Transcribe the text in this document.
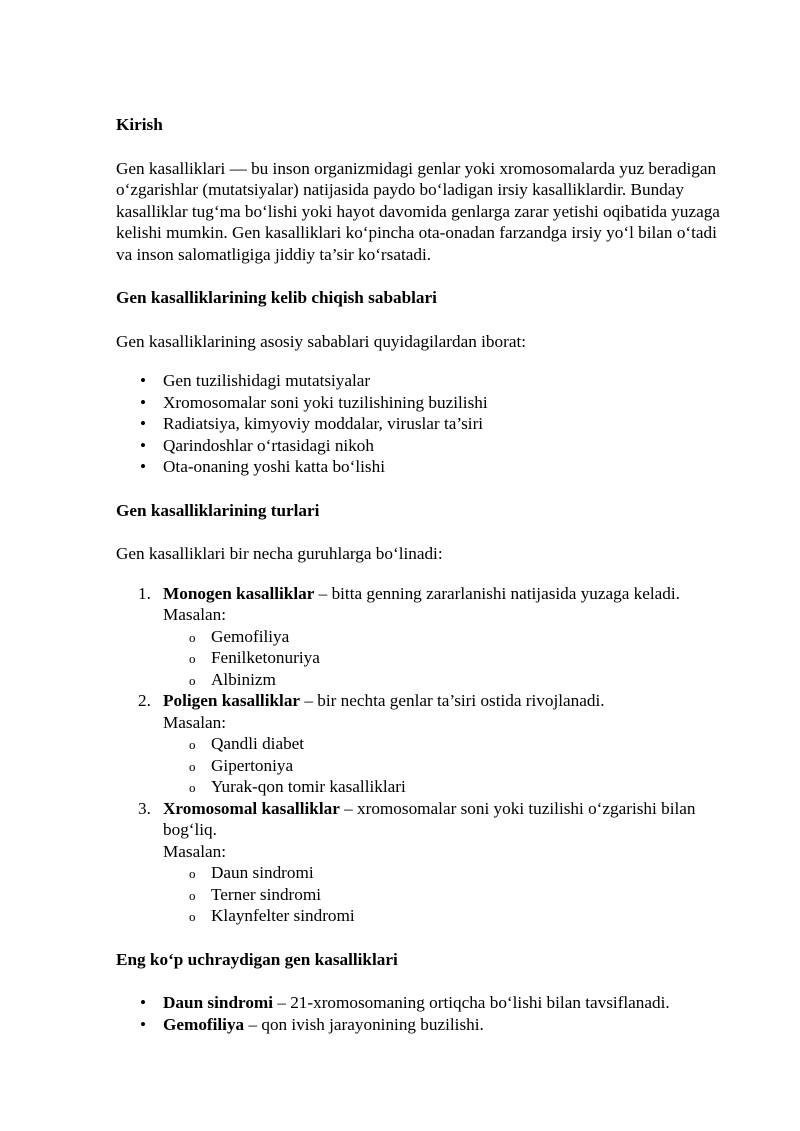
Kirish

Gen kasalliklari — bu inson organizmidagi genlar yoki xromosomalarda yuz beradigan o‘zgarishlar (mutatsiyalar) natijasida paydo bo‘ladigan irsiy kasalliklardir. Bunday kasalliklar tug‘ma bo‘lishi yoki hayot davomida genlarga zarar yetishi oqibatida yuzaga kelishi mumkin. Gen kasalliklari ko‘pincha ota-onadan farzandga irsiy yo‘l bilan o‘tadi va inson salomatligiga jiddiy ta’sir ko‘rsatadi.

Gen kasalliklarining kelib chiqish sabablari

Gen kasalliklarining asosiy sabablari quyidagilardan iborat:

• Gen tuzilishidagi mutatsiyalar
• Xromosomalar soni yoki tuzilishining buzilishi
• Radiatsiya, kimyoviy moddalar, viruslar ta’siri
• Qarindoshlar o‘rtasidagi nikoh
• Ota-onaning yoshi katta bo‘lishi
Gen kasalliklarining turlari

Gen kasalliklari bir necha guruhlarga bo‘linadi:

1. Monogen kasalliklar – bitta genning zararlanishi natijasida yuzaga keladi.
Masalan:
o Gemofiliya
o Fenilketonuriya
o Albinizm
2. Poligen kasalliklar – bir nechta genlar ta’siri ostida rivojlanadi.
Masalan:
o Qandli diabet
o Gipertoniya
o Yurak-qon tomir kasalliklari
3. Xromosomal kasalliklar – xromosomalar soni yoki tuzilishi o‘zgarishi bilan bog‘liq.
Masalan:
o Daun sindromi
o Terner sindromi
o Klaynfelter sindromi
Eng ko‘p uchraydigan gen kasalliklari
• Daun sindromi – 21-xromosomaning ortiqcha bo‘lishi bilan tavsiflanadi.
• Gemofiliya – qon ivish jarayonining buzilishi.
